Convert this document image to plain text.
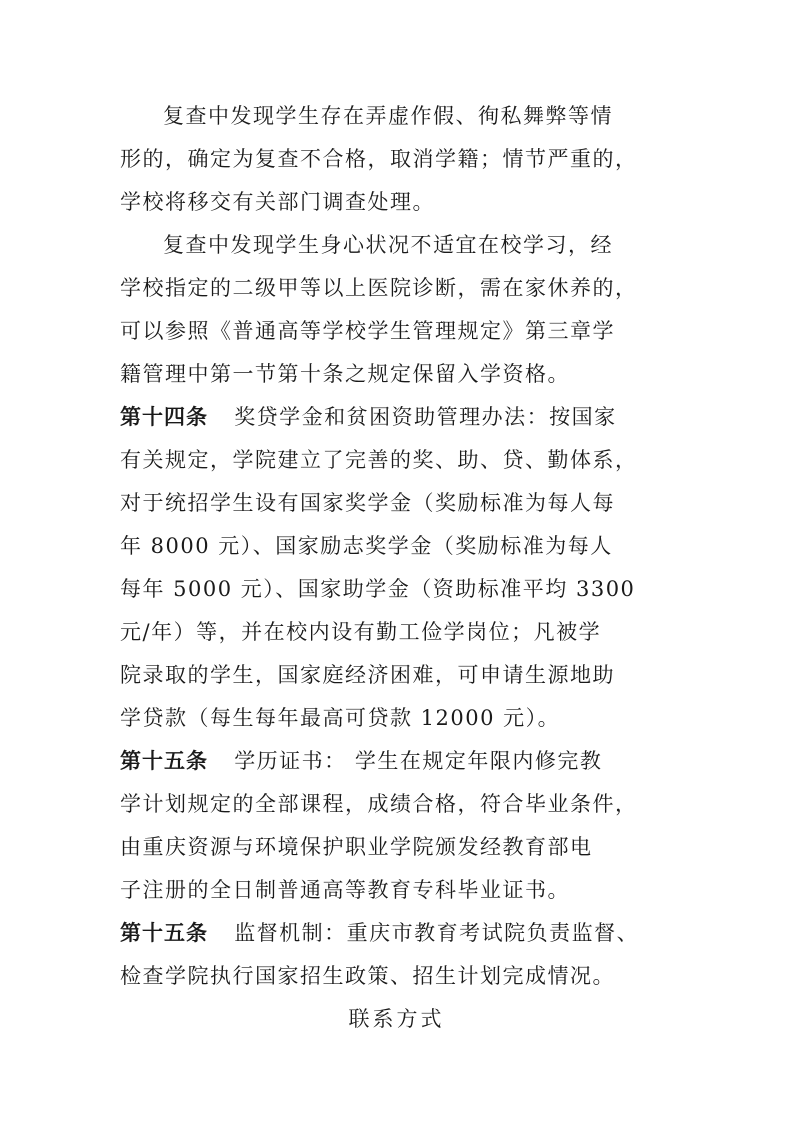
复查中发现学生存在弄虚作假、徇私舞弊等情
形的，确定为复查不合格，取消学籍；情节严重的，
学校将移交有关部门调查处理。
复查中发现学生身心状况不适宜在校学习，经
学校指定的二级甲等以上医院诊断，需在家休养的，
可以参照《普通高等学校学生管理规定》第三章学
籍管理中第一节第十条之规定保留入学资格。
第十四条 奖贷学金和贫困资助管理办法：按国家
有关规定，学院建立了完善的奖、助、贷、勤体系，
对于统招学生设有国家奖学金（奖励标准为每人每
年 8000 元）、国家励志奖学金（奖励标准为每人
每年 5000 元）、国家助学金（资助标准平均 3300
元/年）等，并在校内设有勤工俭学岗位；凡被学
院录取的学生，国家庭经济困难，可申请生源地助
学贷款（每生每年最高可贷款 12000 元）。
第十五条 学历证书： 学生在规定年限内修完教
学计划规定的全部课程，成绩合格，符合毕业条件，
由重庆资源与环境保护职业学院颁发经教育部电
子注册的全日制普通高等教育专科毕业证书。
第十五条 监督机制：重庆市教育考试院负责监督、
检查学院执行国家招生政策、招生计划完成情况。
联系方式
